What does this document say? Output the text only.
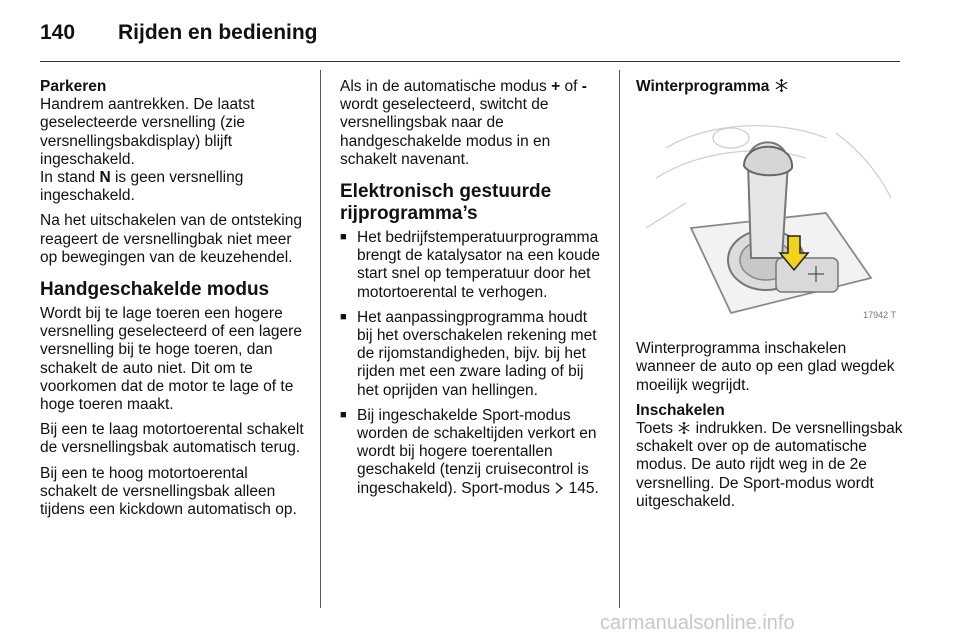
140	Rijden en bediening
Parkeren

Handrem aantrekken. De laatst geselecteerde versnelling (zie versnellingsbakdisplay) blijft ingeschakeld.
In stand N is geen versnelling ingeschakeld.

Na het uitschakelen van de ontsteking reageert de versnellingbak niet meer op bewegingen van de keuzehendel.

Handgeschakelde modus

Wordt bij te lage toeren een hogere versnelling geselecteerd of een lagere versnelling bij te hoge toeren, dan schakelt de auto niet. Dit om te voorkomen dat de motor te lage of te hoge toeren maakt.

Bij een te laag motortoerental schakelt de versnellingsbak automatisch terug.

Bij een te hoog motortoerental schakelt de versnellingsbak alleen tijdens een kickdown automatisch op.

Als in de automatische modus + of - wordt geselecteerd, switcht de versnellingsbak naar de handgeschakelde modus in en schakelt navenant.

Elektronisch gestuurde rijprogramma’s
■ Het bedrijfstemperatuurprogramma brengt de katalysator na een koude start snel op temperatuur door het motortoerental te verhogen.
■ Het aanpassingprogramma houdt bij het overschakelen rekening met de rijomstandigheden, bijv. bij het rijden met een zware lading of bij het oprijden van hellingen.
■ Bij ingeschakelde Sport-modus worden de schakeltijden verkort en wordt bij hogere toerentallen geschakeld (tenzij cruisecontrol is ingeschakeld). Sport-modus  145.
Winterprogramma
17942 T

Winterprogramma inschakelen wanneer de auto op een glad wegdek moeilijk wegrijdt.

Inschakelen

Toets  indrukken. De versnellingsbak schakelt over op de automatische modus. De auto rijdt weg in de 2e versnelling. De Sport-modus wordt uitgeschakeld.

carmanualsonline.info
